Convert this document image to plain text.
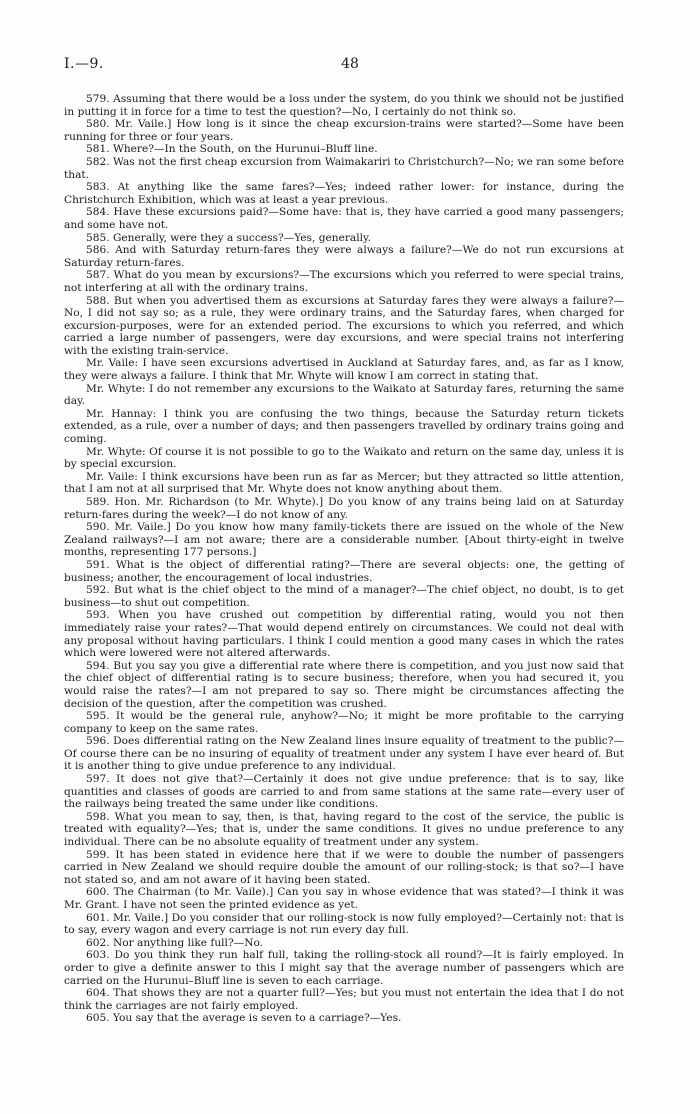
I.—9.	48

579. Assuming that there would be a loss under the system, do you think we should not be justified in putting it in force for a time to test the question?—No, I certainly do not think so.

580. Mr. Vaile.] How long is it since the cheap excursion-trains were started?—Some have been running for three or four years.

581. Where?—In the South, on the Hurunui–Bluff line.

582. Was not the first cheap excursion from Waimakariri to Christchurch?—No; we ran some before that.

583. At anything like the same fares?—Yes; indeed rather lower: for instance, during the Christchurch Exhibition, which was at least a year previous.

584. Have these excursions paid?—Some have: that is, they have carried a good many passengers; and some have not.

585. Generally, were they a success?—Yes, generally.

586. And with Saturday return-fares they were always a failure?—We do not run excursions at Saturday return-fares.

587. What do you mean by excursions?—The excursions which you referred to were special trains, not interfering at all with the ordinary trains.

588. But when you advertised them as excursions at Saturday fares they were always a failure?—No, I did not say so; as a rule, they were ordinary trains, and the Saturday fares, when charged for excursion-purposes, were for an extended period. The excursions to which you referred, and which carried a large number of passengers, were day excursions, and were special trains not interfering with the existing train-service.

Mr. Vaile: I have seen excursions advertised in Auckland at Saturday fares, and, as far as I know, they were always a failure. I think that Mr. Whyte will know I am correct in stating that.

Mr. Whyte: I do not remember any excursions to the Waikato at Saturday fares, returning the same day.

Mr. Hannay: I think you are confusing the two things, because the Saturday return tickets extended, as a rule, over a number of days; and then passengers travelled by ordinary trains going and coming.

Mr. Whyte: Of course it is not possible to go to the Waikato and return on the same day, unless it is by special excursion.

Mr. Vaile: I think excursions have been run as far as Mercer; but they attracted so little attention, that I am not at all surprised that Mr. Whyte does not know anything about them.

589. Hon. Mr. Richardson (to Mr. Whyte).] Do you know of any trains being laid on at Saturday return-fares during the week?—I do not know of any.

590. Mr. Vaile.] Do you know how many family-tickets there are issued on the whole of the New Zealand railways?—I am not aware; there are a considerable number. [About thirty-eight in twelve months, representing 177 persons.]

591. What is the object of differential rating?—There are several objects: one, the getting of business; another, the encouragement of local industries.

592. But what is the chief object to the mind of a manager?—The chief object, no doubt, is to get business—to shut out competition.

593. When you have crushed out competition by differential rating, would you not then immediately raise your rates?—That would depend entirely on circumstances. We could not deal with any proposal without having particulars. I think I could mention a good many cases in which the rates which were lowered were not altered afterwards.

594. But you say you give a differential rate where there is competition, and you just now said that the chief object of differential rating is to secure business; therefore, when you had secured it, you would raise the rates?—I am not prepared to say so. There might be circumstances affecting the decision of the question, after the competition was crushed.

595. It would be the general rule, anyhow?—No; it might be more profitable to the carrying company to keep on the same rates.

596. Does differential rating on the New Zealand lines insure equality of treatment to the public?—Of course there can be no insuring of equality of treatment under any system I have ever heard of. But it is another thing to give undue preference to any individual.

597. It does not give that?—Certainly it does not give undue preference: that is to say, like quantities and classes of goods are carried to and from same stations at the same rate—every user of the railways being treated the same under like conditions.

598. What you mean to say, then, is that, having regard to the cost of the service, the public is treated with equality?—Yes; that is, under the same conditions. It gives no undue preference to any individual. There can be no absolute equality of treatment under any system.

599. It has been stated in evidence here that if we were to double the number of passengers carried in New Zealand we should require double the amount of our rolling-stock; is that so?—I have not stated so, and am not aware of it having been stated.

600. The Chairman (to Mr. Vaile).] Can you say in whose evidence that was stated?—I think it was Mr. Grant. I have not seen the printed evidence as yet.

601. Mr. Vaile.] Do you consider that our rolling-stock is now fully employed?—Certainly not: that is to say, every wagon and every carriage is not run every day full.

602. Nor anything like full?—No.

603. Do you think they run half full, taking the rolling-stock all round?—It is fairly employed. In order to give a definite answer to this I might say that the average number of passengers which are carried on the Hurunui–Bluff line is seven to each carriage.

604. That shows they are not a quarter full?—Yes; but you must not entertain the idea that I do not think the carriages are not fairly employed.

605. You say that the average is seven to a carriage?—Yes.
